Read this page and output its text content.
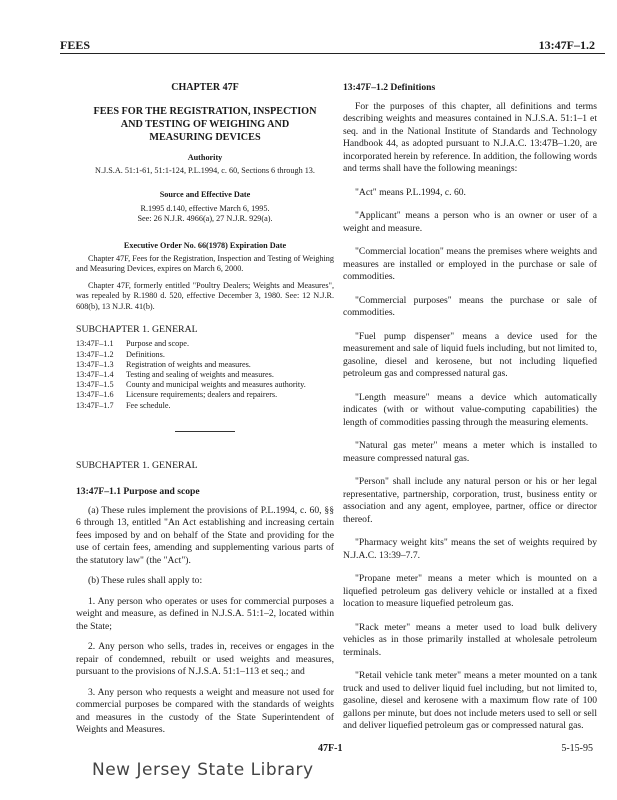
FEES	13:47F–1.2

CHAPTER 47F

FEES FOR THE REGISTRATION, INSPECTION AND TESTING OF WEIGHING AND MEASURING DEVICES

Authority

N.J.S.A. 51:1-61, 51:1-124, P.L.1994, c. 60, Sections 6 through 13.

Source and Effective Date

R.1995 d.140, effective March 6, 1995.

See: 26 N.J.R. 4966(a), 27 N.J.R. 929(a).

Executive Order No. 66(1978) Expiration Date

Chapter 47F, Fees for the Registration, Inspection and Testing of Weighing and Measuring Devices, expires on March 6, 2000.

Chapter 47F, formerly entitled "Poultry Dealers; Weights and Measures", was repealed by R.1980 d. 520, effective December 3, 1980. See: 12 N.J.R. 608(b), 13 N.J.R. 41(b).

SUBCHAPTER 1. GENERAL

13:47F–1.1	Purpose and scope.
13:47F–1.2	Definitions.
13:47F–1.3	Registration of weights and measures.
13:47F–1.4	Testing and sealing of weights and measures.
13:47F–1.5	County and municipal weights and measures authority.
13:47F–1.6	Licensure requirements; dealers and repairers.
13:47F–1.7	Fee schedule.

SUBCHAPTER 1. GENERAL

13:47F–1.1 Purpose and scope

(a) These rules implement the provisions of P.L.1994, c. 60, §§ 6 through 13, entitled "An Act establishing and increasing certain fees imposed by and on behalf of the State and providing for the use of certain fees, amending and supplementing various parts of the statutory law" (the "Act").

(b) These rules shall apply to:

1. Any person who operates or uses for commercial purposes a weight and measure, as defined in N.J.S.A. 51:1–2, located within the State;

2. Any person who sells, trades in, receives or engages in the repair of condemned, rebuilt or used weights and measures, pursuant to the provisions of N.J.S.A. 51:1–113 et seq.; and

3. Any person who requests a weight and measure not used for commercial purposes be compared with the standards of weights and measures in the custody of the State Superintendent of Weights and Measures.

13:47F–1.2 Definitions

For the purposes of this chapter, all definitions and terms describing weights and measures contained in N.J.S.A. 51:1–1 et seq. and in the National Institute of Standards and Technology Handbook 44, as adopted pursuant to N.J.A.C. 13:47B–1.20, are incorporated herein by reference. In addition, the following words and terms shall have the following meanings:

"Act" means P.L.1994, c. 60.

"Applicant" means a person who is an owner or user of a weight and measure.

"Commercial location" means the premises where weights and measures are installed or employed in the purchase or sale of commodities.

"Commercial purposes" means the purchase or sale of commodities.

"Fuel pump dispenser" means a device used for the measurement and sale of liquid fuels including, but not limited to, gasoline, diesel and kerosene, but not including liquefied petroleum gas and compressed natural gas.

"Length measure" means a device which automatically indicates (with or without value-computing capabilities) the length of commodities passing through the measuring elements.

"Natural gas meter" means a meter which is installed to measure compressed natural gas.

"Person" shall include any natural person or his or her legal representative, partnership, corporation, trust, business entity or association and any agent, employee, partner, office or director thereof.

"Pharmacy weight kits" means the set of weights required by N.J.A.C. 13:39–7.7.

"Propane meter" means a meter which is mounted on a liquefied petroleum gas delivery vehicle or installed at a fixed location to measure liquefied petroleum gas.

"Rack meter" means a meter used to load bulk delivery vehicles as in those primarily installed at wholesale petroleum terminals.

"Retail vehicle tank meter" means a meter mounted on a tank truck and used to deliver liquid fuel including, but not limited to, gasoline, diesel and kerosene with a maximum flow rate of 100 gallons per minute, but does not include meters used to sell or sell and deliver liquefied petroleum gas or compressed natural gas.

47F-1	5-15-95
New Jersey State Library
